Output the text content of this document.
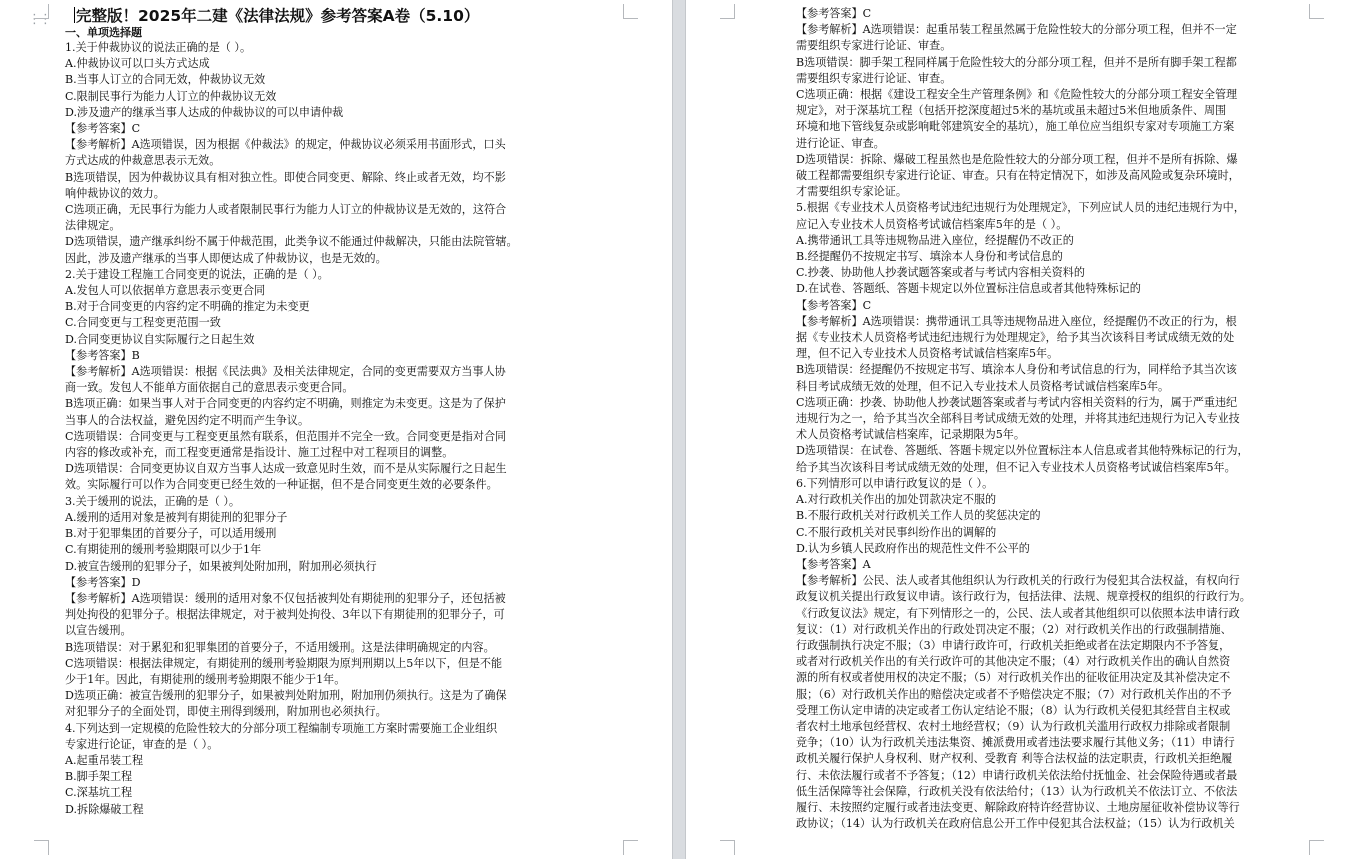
⋮⋮ 完整版！2025年二建《法律法规》参考答案A卷（5.10）
一、单项选择题
1.关于仲裁协议的说法正确的是（ ）。
A.仲裁协议可以口头方式达成
B.当事人订立的合同无效，仲裁协议无效
C.限制民事行为能力人订立的仲裁协议无效
D.涉及遗产的继承当事人达成的仲裁协议的可以申请仲裁
【参考答案】C
【参考解析】A选项错误，因为根据《仲裁法》的规定，仲裁协议必须采用书面形式，口头
方式达成的仲裁意思表示无效。
B选项错误，因为仲裁协议具有相对独立性。即使合同变更、解除、终止或者无效，均不影
响仲裁协议的效力。
C选项正确，无民事行为能力人或者限制民事行为能力人订立的仲裁协议是无效的，这符合
法律规定。
D选项错误，遗产继承纠纷不属于仲裁范围，此类争议不能通过仲裁解决，只能由法院管辖。
因此，涉及遗产继承的当事人即便达成了仲裁协议，也是无效的。
2.关于建设工程施工合同变更的说法，正确的是（ ）。
A.发包人可以依据单方意思表示变更合同
B.对于合同变更的内容约定不明确的推定为未变更
C.合同变更与工程变更范围一致
D.合同变更协议自实际履行之日起生效
【参考答案】B
【参考解析】A选项错误：根据《民法典》及相关法律规定，合同的变更需要双方当事人协
商一致。发包人不能单方面依据自己的意思表示变更合同。
B选项正确：如果当事人对于合同变更的内容约定不明确，则推定为未变更。这是为了保护
当事人的合法权益，避免因约定不明而产生争议。
C选项错误：合同变更与工程变更虽然有联系，但范围并不完全一致。合同变更是指对合同
内容的修改或补充，而工程变更通常是指设计、施工过程中对工程项目的调整。
D选项错误：合同变更协议自双方当事人达成一致意见时生效，而不是从实际履行之日起生
效。实际履行可以作为合同变更已经生效的一种证据，但不是合同变更生效的必要条件。
3.关于缓刑的说法，正确的是（ ）。
A.缓刑的适用对象是被判有期徒刑的犯罪分子
B.对于犯罪集团的首要分子，可以适用缓刑
C.有期徒刑的缓刑考验期限可以少于1年
D.被宣告缓刑的犯罪分子，如果被判处附加刑，附加刑必须执行
【参考答案】D
【参考解析】A选项错误：缓刑的适用对象不仅包括被判处有期徒刑的犯罪分子，还包括被
判处拘役的犯罪分子。根据法律规定，对于被判处拘役、3年以下有期徒刑的犯罪分子，可
以宣告缓刑。
B选项错误：对于累犯和犯罪集团的首要分子，不适用缓刑。这是法律明确规定的内容。
C选项错误：根据法律规定，有期徒刑的缓刑考验期限为原判刑期以上5年以下，但是不能
少于1年。因此，有期徒刑的缓刑考验期限不能少于1年。
D选项正确：被宣告缓刑的犯罪分子，如果被判处附加刑，附加刑仍须执行。这是为了确保
对犯罪分子的全面处罚，即使主刑得到缓刑，附加刑也必须执行。
4.下列达到一定规模的危险性较大的分部分项工程编制专项施工方案时需要施工企业组织
专家进行论证，审查的是（ ）。
A.起重吊装工程
B.脚手架工程
C.深基坑工程
D.拆除爆破工程
【参考答案】C
【参考解析】A选项错误：起重吊装工程虽然属于危险性较大的分部分项工程，但并不一定
需要组织专家进行论证、审查。
B选项错误：脚手架工程同样属于危险性较大的分部分项工程，但并不是所有脚手架工程都
需要组织专家进行论证、审查。
C选项正确：根据《建设工程安全生产管理条例》和《危险性较大的分部分项工程安全管理
规定》，对于深基坑工程（包括开挖深度超过5米的基坑或虽未超过5米但地质条件、周围
环境和地下管线复杂或影响毗邻建筑安全的基坑），施工单位应当组织专家对专项施工方案
进行论证、审查。
D选项错误：拆除、爆破工程虽然也是危险性较大的分部分项工程，但并不是所有拆除、爆
破工程都需要组织专家进行论证、审查。只有在特定情况下，如涉及高风险或复杂环境时，
才需要组织专家论证。
5.根据《专业技术人员资格考试违纪违规行为处理规定》，下列应试人员的违纪违规行为中，
应记入专业技术人员资格考试诚信档案库5年的是（ ）。
A.携带通讯工具等违规物品进入座位，经提醒仍不改正的
B.经提醒仍不按规定书写、填涂本人身份和考试信息的
C.抄袭、协助他人抄袭试题答案或者与考试内容相关资料的
D.在试卷、答题纸、答题卡规定以外位置标注信息或者其他特殊标记的
【参考答案】C
【参考解析】A选项错误：携带通讯工具等违规物品进入座位，经提醒仍不改正的行为，根
据《专业技术人员资格考试违纪违规行为处理规定》，给予其当次该科目考试成绩无效的处
理，但不记入专业技术人员资格考试诚信档案库5年。
B选项错误：经提醒仍不按规定书写、填涂本人身份和考试信息的行为，同样给予其当次该
科目考试成绩无效的处理，但不记入专业技术人员资格考试诚信档案库5年。
C选项正确：抄袭、协助他人抄袭试题答案或者与考试内容相关资料的行为，属于严重违纪
违规行为之一，给予其当次全部科目考试成绩无效的处理，并将其违纪违规行为记入专业技
术人员资格考试诚信档案库，记录期限为5年。
D选项错误：在试卷、答题纸、答题卡规定以外位置标注本人信息或者其他特殊标记的行为，
给予其当次该科目考试成绩无效的处理，但不记入专业技术人员资格考试诚信档案库5年。
6.下列情形可以申请行政复议的是（ ）。
A.对行政机关作出的加处罚款决定不服的
B.不服行政机关对行政机关工作人员的奖惩决定的
C.不服行政机关对民事纠纷作出的调解的
D.认为乡镇人民政府作出的规范性文件不公平的
【参考答案】A
【参考解析】公民、法人或者其他组织认为行政机关的行政行为侵犯其合法权益，有权向行
政复议机关提出行政复议申请。该行政行为，包括法律、法规、规章授权的组织的行政行为。
《行政复议法》规定，有下列情形之一的，公民、法人或者其他组织可以依照本法申请行政
复议：（1）对行政机关作出的行政处罚决定不服；（2）对行政机关作出的行政强制措施、
行政强制执行决定不服；（3）申请行政许可，行政机关拒绝或者在法定期限内不予答复，
或者对行政机关作出的有关行政许可的其他决定不服；（4）对行政机关作出的确认自然资
源的所有权或者使用权的决定不服；（5）对行政机关作出的征收征用决定及其补偿决定不
服；（6）对行政机关作出的赔偿决定或者不予赔偿决定不服；（7）对行政机关作出的不予
受理工伤认定申请的决定或者工伤认定结论不服；（8）认为行政机关侵犯其经营自主权或
者农村土地承包经营权、农村土地经营权；（9）认为行政机关滥用行政权力排除或者限制
竞争；（10）认为行政机关违法集资、摊派费用或者违法要求履行其他义务；（11）申请行
政机关履行保护人身权利、财产权利、受教育 利等合法权益的法定职责，行政机关拒绝履
行、未依法履行或者不予答复；（12）申请行政机关依法给付抚恤金、社会保险待遇或者最
低生活保障等社会保障，行政机关没有依法给付；（13）认为行政机关不依法订立、不依法
履行、未按照约定履行或者违法变更、解除政府特许经营协议、土地房屋征收补偿协议等行
政协议；（14）认为行政机关在政府信息公开工作中侵犯其合法权益；（15）认为行政机关
